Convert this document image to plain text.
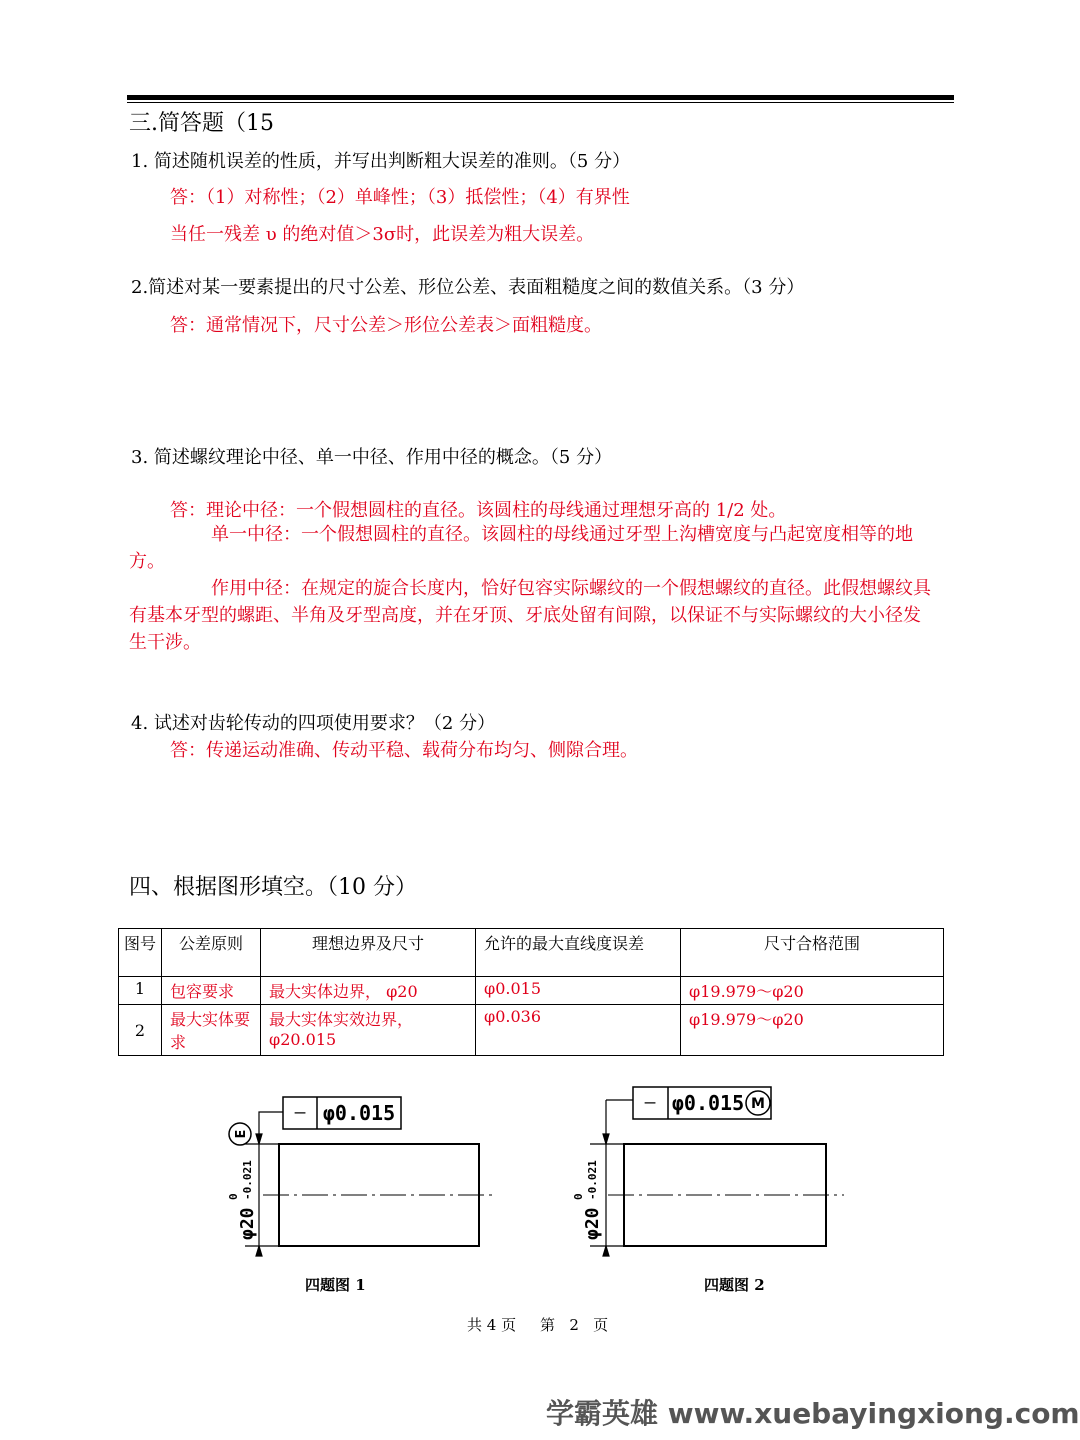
三.简答题（15
1. 简述随机误差的性质，并写出判断粗大误差的准则。（5 分）
答：（1）对称性；（2）单峰性；（3）抵偿性；（4）有界性
当任一残差 υ 的绝对值＞3σ时，此误差为粗大误差。
2.简述对某一要素提出的尺寸公差、形位公差、表面粗糙度之间的数值关系。（3 分）
答：通常情况下，尺寸公差＞形位公差表＞面粗糙度。
3. 简述螺纹理论中径、单一中径、作用中径的概念。（5 分）
答：理论中径：一个假想圆柱的直径。该圆柱的母线通过理想牙高的 1/2 处。

单一中径：一个假想圆柱的直径。该圆柱的母线通过牙型上沟槽宽度与凸起宽度相等的地方。

作用中径：在规定的旋合长度内，恰好包容实际螺纹的一个假想螺纹的直径。此假想螺纹具有基本牙型的螺距、半角及牙型高度，并在牙顶、牙底处留有间隙，以保证不与实际螺纹的大小径发生干涉。

4. 试述对齿轮传动的四项使用要求？（2 分）
答：传递运动准确、传动平稳、载荷分布均匀、侧隙合理。
四、根据图形填空。（10 分）
图号	公差原则	理想边界及尺寸	允许的最大直线度误差	尺寸合格范围
1	包容要求	最大实体边界， φ20	φ0.015	φ19.979～φ20
2	最大实体要求	最大实体实效边界，φ20.015	φ0.036	φ19.979～φ20
— φ0.015
E
φ20
0 -0.021
四题图 1
— φ0.015 M
φ20
0 -0.021
四题图 2
共 4 页 第 2 页
学霸英雄 www.xuebayingxiong.com
